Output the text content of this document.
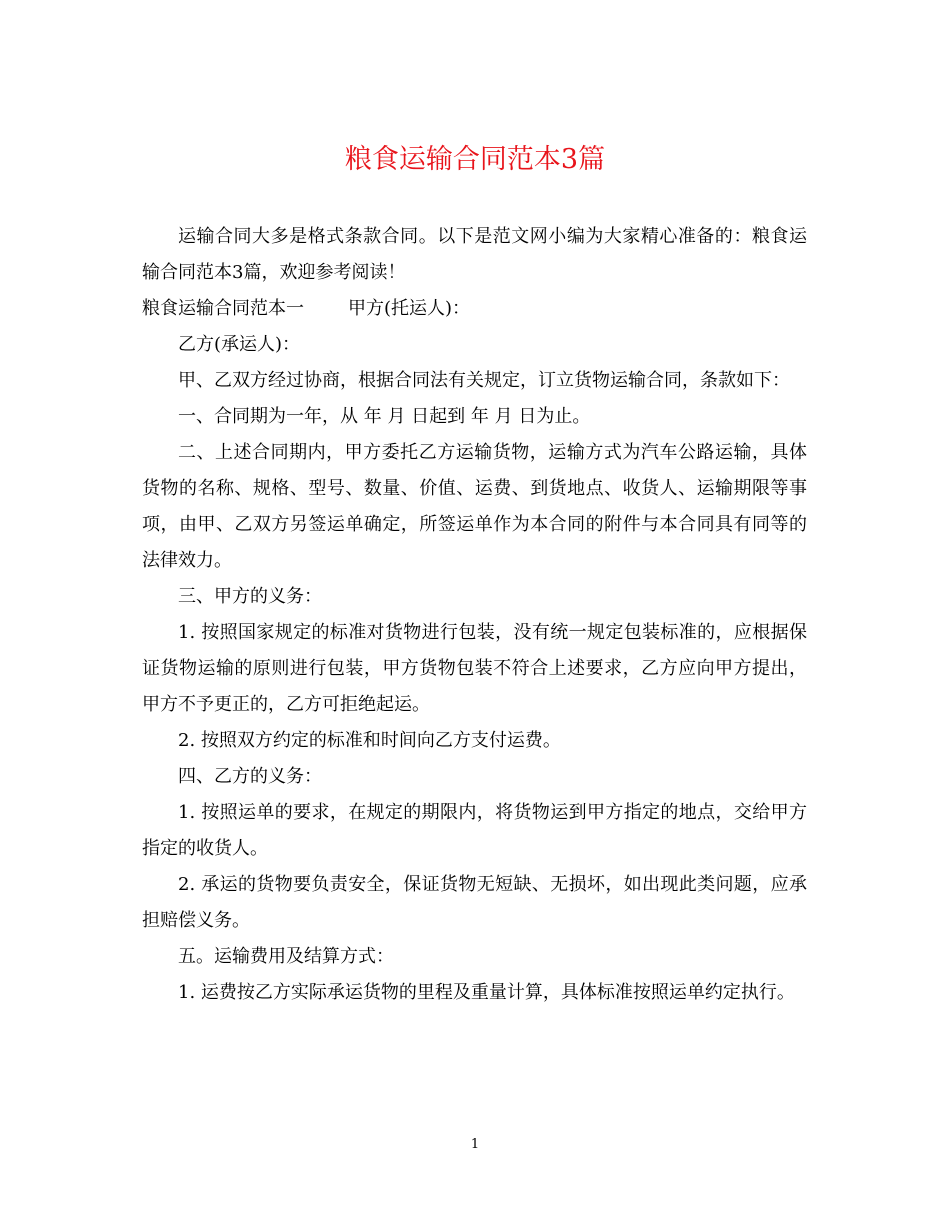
粮食运输合同范本3篇

运输合同大多是格式条款合同。以下是范文网小编为大家精心准备的：粮食运输合同范本3篇，欢迎参考阅读！

粮食运输合同范本一 甲方(托运人)：

乙方(承运人)：

甲、乙双方经过协商，根据合同法有关规定，订立货物运输合同，条款如下：

一、合同期为一年，从 年 月 日起到 年 月 日为止。

二、上述合同期内，甲方委托乙方运输货物，运输方式为汽车公路运输，具体货物的名称、规格、型号、数量、价值、运费、到货地点、收货人、运输期限等事项，由甲、乙双方另签运单确定，所签运单作为本合同的附件与本合同具有同等的法律效力。

三、甲方的义务：

1. 按照国家规定的标准对货物进行包装，没有统一规定包装标准的，应根据保证货物运输的原则进行包装，甲方货物包装不符合上述要求，乙方应向甲方提出，甲方不予更正的，乙方可拒绝起运。

2. 按照双方约定的标准和时间向乙方支付运费。

四、乙方的义务：

1. 按照运单的要求，在规定的期限内，将货物运到甲方指定的地点，交给甲方指定的收货人。

2. 承运的货物要负责安全，保证货物无短缺、无损坏，如出现此类问题，应承担赔偿义务。

五。运输费用及结算方式：

1. 运费按乙方实际承运货物的里程及重量计算，具体标准按照运单约定执行。

1
